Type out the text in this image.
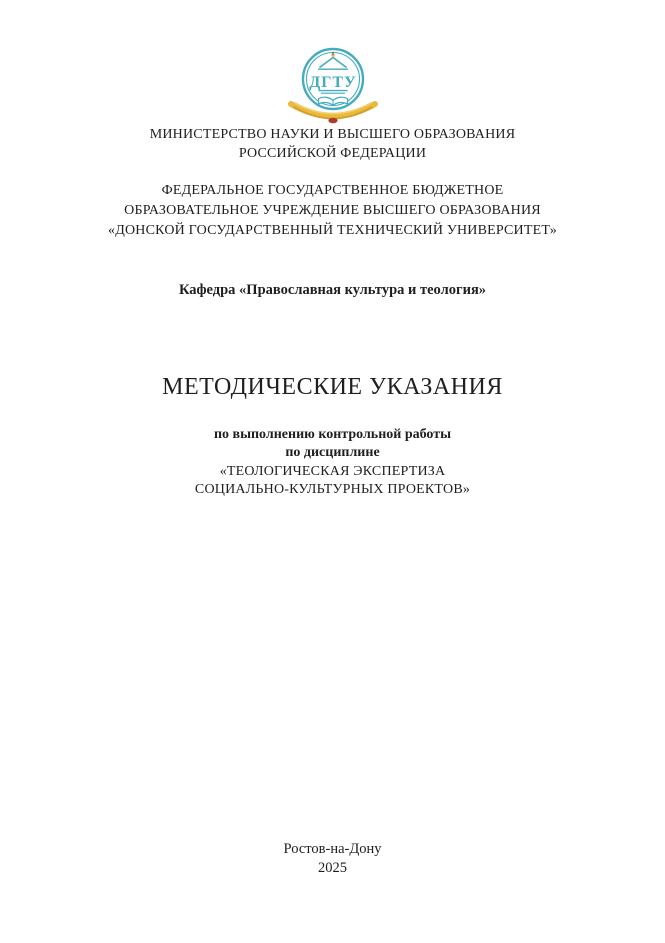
ДГТУ
МИНИСТЕРСТВО НАУКИ И ВЫСШЕГО ОБРАЗОВАНИЯ
РОССИЙСКОЙ ФЕДЕРАЦИИ
ФЕДЕРАЛЬНОЕ ГОСУДАРСТВЕННОЕ БЮДЖЕТНОЕ
ОБРАЗОВАТЕЛЬНОЕ УЧРЕЖДЕНИЕ ВЫСШЕГО ОБРАЗОВАНИЯ
«ДОНСКОЙ ГОСУДАРСТВЕННЫЙ ТЕХНИЧЕСКИЙ УНИВЕРСИТЕТ»
Кафедра «Православная культура и теология»
МЕТОДИЧЕСКИЕ УКАЗАНИЯ
по выполнению контрольной работы
по дисциплине
«ТЕОЛОГИЧЕСКАЯ ЭКСПЕРТИЗА
СОЦИАЛЬНО-КУЛЬТУРНЫХ ПРОЕКТОВ»
Ростов-на-Дону
2025
